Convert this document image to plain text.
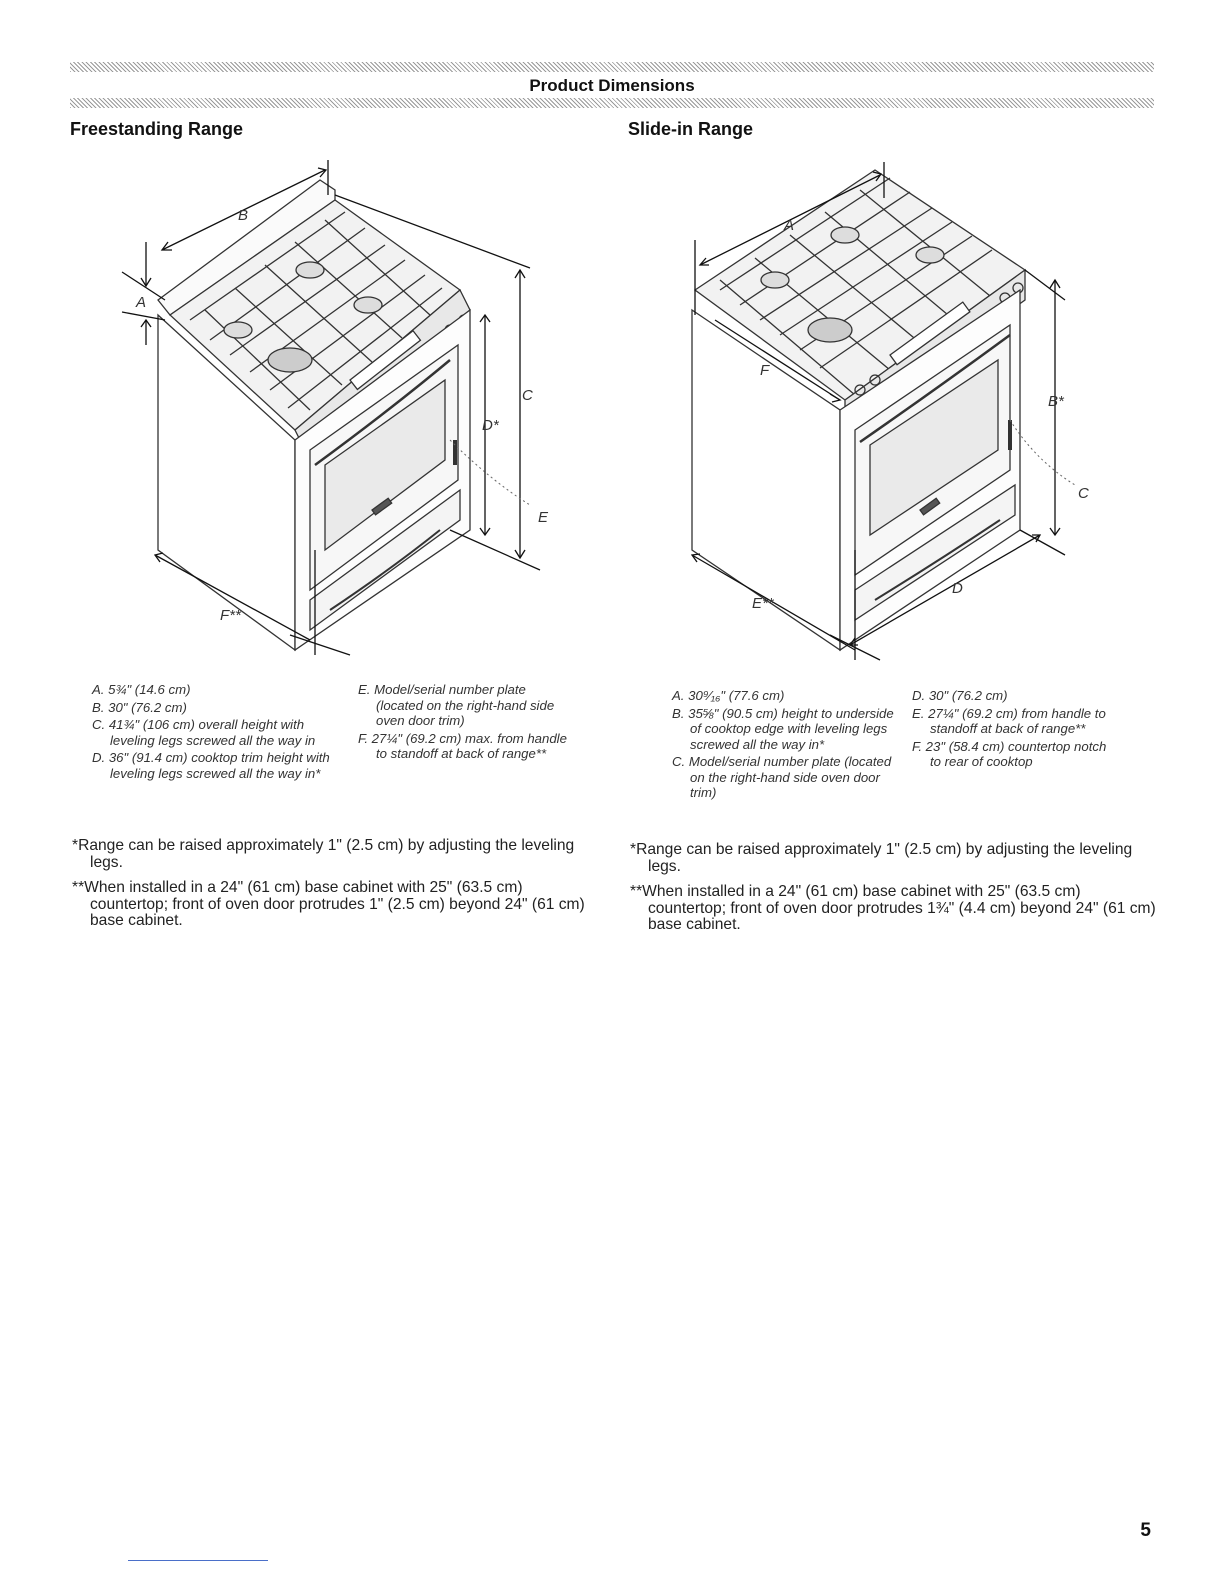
Product Dimensions
Freestanding Range	Slide-in Range
A
B
C
D*
E
F**
A
B*
C
D
E**
F
A. 5¾" (14.6 cm)
B. 30" (76.2 cm)
C. 41¾" (106 cm) overall height with leveling legs screwed all the way in
D. 36" (91.4 cm) cooktop trim height with leveling legs screwed all the way in*
E. Model/serial number plate (located on the right-hand side oven door trim)
F. 27¼" (69.2 cm) max. from handle to standoff at back of range**
A. 30⁹⁄₁₆" (77.6 cm)
B. 35⅝" (90.5 cm) height to underside of cooktop edge with leveling legs screwed all the way in*
C. Model/serial number plate (located on the right-hand side oven door trim)
D. 30" (76.2 cm)
E. 27¼" (69.2 cm) from handle to standoff at back of range**
F. 23" (58.4 cm) countertop notch to rear of cooktop
*Range can be raised approximately 1" (2.5 cm) by adjusting the leveling legs.
**When installed in a 24" (61 cm) base cabinet with 25" (63.5 cm) countertop; front of oven door protrudes 1" (2.5 cm) beyond 24" (61 cm) base cabinet.
*Range can be raised approximately 1" (2.5 cm) by adjusting the leveling legs.
**When installed in a 24" (61 cm) base cabinet with 25" (63.5 cm) countertop; front of oven door protrudes 1¾" (4.4 cm) beyond 24" (61 cm) base cabinet.
5
